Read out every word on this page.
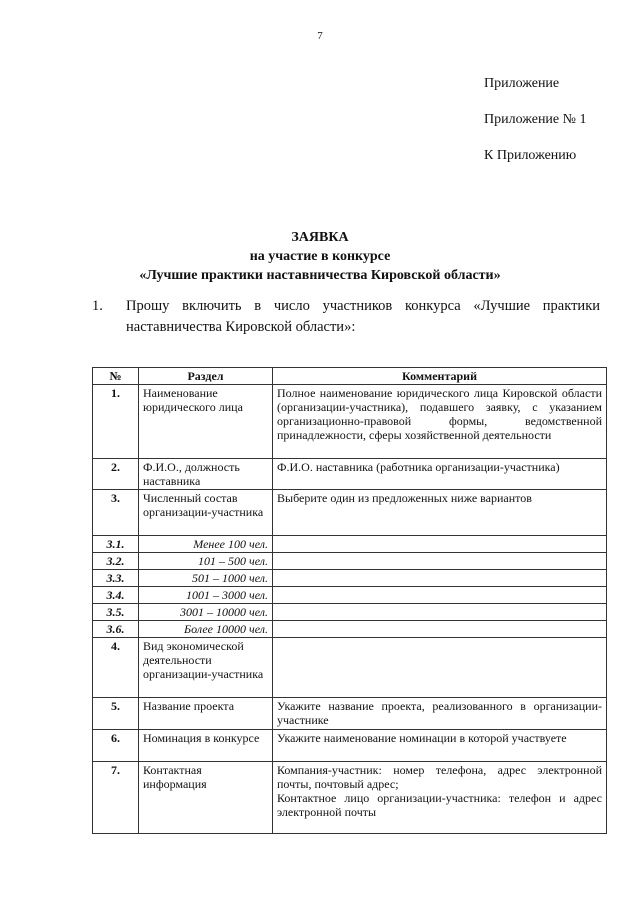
7
Приложение
Приложение № 1
К Приложению
ЗАЯВКА
на участие в конкурсе
«Лучшие практики наставничества Кировской области»
1.	Прошу включить в число участников конкурса «Лучшие практики наставничества Кировской области»:
№	Раздел	Комментарий
1.	Наименование юридического лица	Полное наименование юридического лица Кировской области (организации-участника), подавшего заявку, с указанием организационно-правовой формы, ведомственной принадлежности, сферы хозяйственной деятельности
2.	Ф.И.О., должность наставника	Ф.И.О. наставника (работника организации-участника)
3.	Численный состав организации-участника	Выберите один из предложенных ниже вариантов
3.1.	Менее 100 чел.	
3.2.	101 – 500 чел.	
3.3.	501 – 1000 чел.	
3.4.	1001 – 3000 чел.	
3.5.	3001 – 10000 чел.	
3.6.	Более 10000 чел.	
4.	Вид экономической деятельности организации-участника	
5.	Название проекта	Укажите название проекта, реализованного в организации-участнике
6.	Номинация в конкурсе	Укажите наименование номинации в которой участвуете
7.	Контактная информация	Компания-участник: номер телефона, адрес электронной почты, почтовый адрес;
Контактное лицо организации-участника: телефон и адрес электронной почты
